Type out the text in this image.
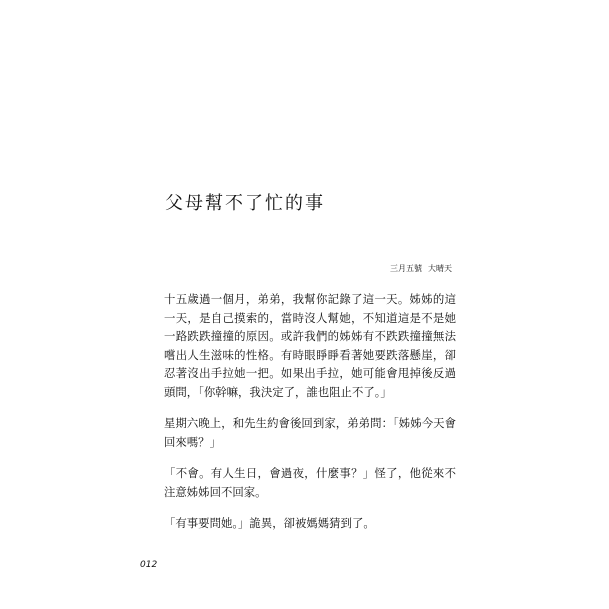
父母幫不了忙的事
三月五號 大晴天

十五歲過一個月，弟弟，我幫你記錄了這一天。姊姊的這一天，是自己摸索的，當時沒人幫她，不知道這是不是她一路跌跌撞撞的原因。或許我們的姊姊有不跌跌撞撞無法嚐出人生滋味的性格。有時眼睜睜看著她要跌落懸崖，卻忍著沒出手拉她一把。如果出手拉，她可能會甩掉後反過頭問，「你幹嘛，我決定了，誰也阻止不了。」

星期六晚上，和先生約會後回到家，弟弟問：「姊姊今天會回來嗎？」

「不會。有人生日，會過夜，什麼事？」怪了，他從來不注意姊姊回不回家。

「有事要問她。」詭異，卻被媽媽猜到了。

012
